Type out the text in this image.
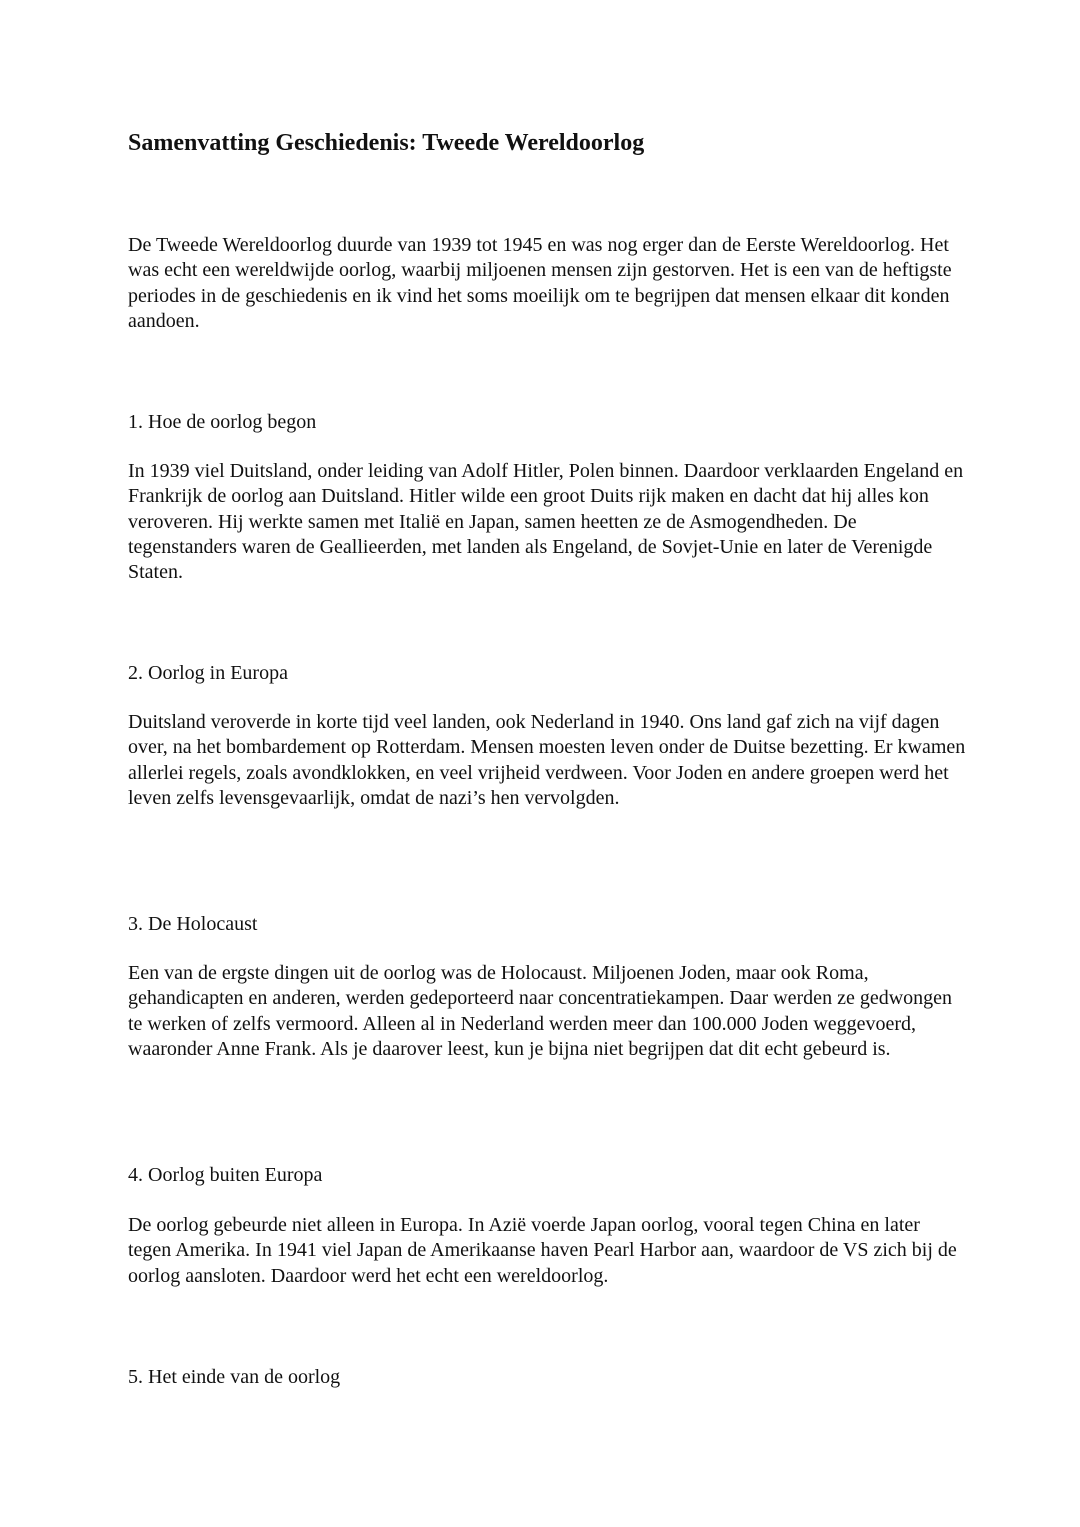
Samenvatting Geschiedenis: Tweede Wereldoorlog

De Tweede Wereldoorlog duurde van 1939 tot 1945 en was nog erger dan de Eerste Wereldoorlog. Het was echt een wereldwijde oorlog, waarbij miljoenen mensen zijn gestorven. Het is een van de heftigste periodes in de geschiedenis en ik vind het soms moeilijk om te begrijpen dat mensen elkaar dit konden aandoen.

1. Hoe de oorlog begon

In 1939 viel Duitsland, onder leiding van Adolf Hitler, Polen binnen. Daardoor verklaarden Engeland en Frankrijk de oorlog aan Duitsland. Hitler wilde een groot Duits rijk maken en dacht dat hij alles kon veroveren. Hij werkte samen met Italië en Japan, samen heetten ze de Asmogendheden. De tegenstanders waren de Geallieerden, met landen als Engeland, de Sovjet-Unie en later de Verenigde Staten.

2. Oorlog in Europa

Duitsland veroverde in korte tijd veel landen, ook Nederland in 1940. Ons land gaf zich na vijf dagen over, na het bombardement op Rotterdam. Mensen moesten leven onder de Duitse bezetting. Er kwamen allerlei regels, zoals avondklokken, en veel vrijheid verdween. Voor Joden en andere groepen werd het leven zelfs levensgevaarlijk, omdat de nazi’s hen vervolgden.

3. De Holocaust

Een van de ergste dingen uit de oorlog was de Holocaust. Miljoenen Joden, maar ook Roma, gehandicapten en anderen, werden gedeporteerd naar concentratiekampen. Daar werden ze gedwongen te werken of zelfs vermoord. Alleen al in Nederland werden meer dan 100.000 Joden weggevoerd, waaronder Anne Frank. Als je daarover leest, kun je bijna niet begrijpen dat dit echt gebeurd is.

4. Oorlog buiten Europa

De oorlog gebeurde niet alleen in Europa. In Azië voerde Japan oorlog, vooral tegen China en later tegen Amerika. In 1941 viel Japan de Amerikaanse haven Pearl Harbor aan, waardoor de VS zich bij de oorlog aansloten. Daardoor werd het echt een wereldoorlog.

5. Het einde van de oorlog
